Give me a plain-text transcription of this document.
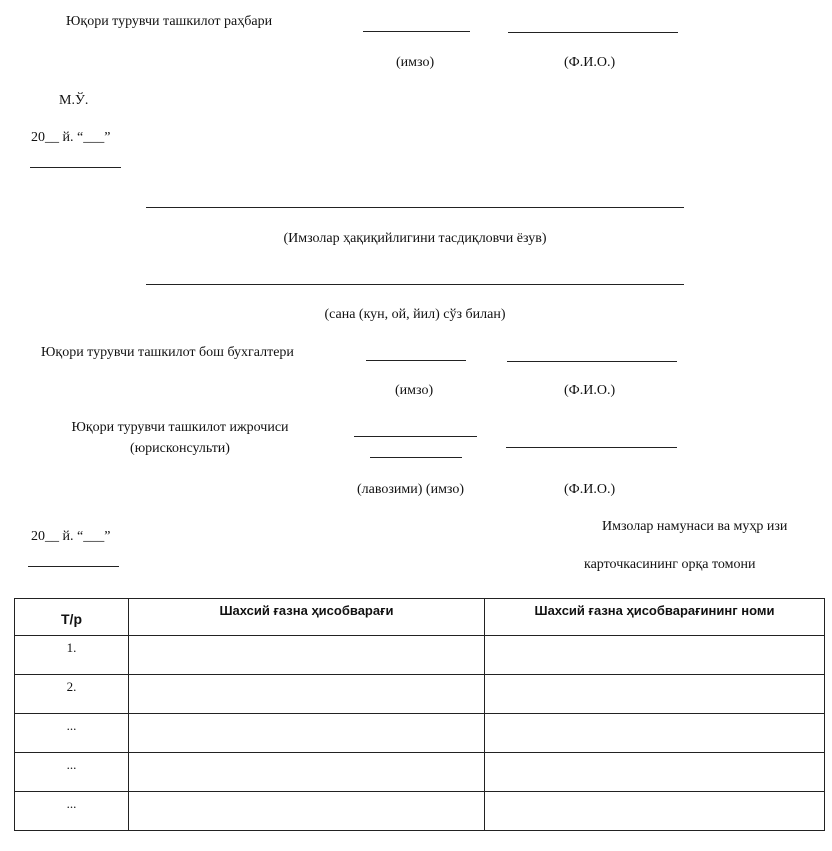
Юқори турувчи ташкилот раҳбари
(имзо)	(Ф.И.О.)
М.Ў.
20__ й. “___”
(Имзолар ҳақиқийлигини тасдиқловчи ёзув)
(сана (кун, ой, йил) сўз билан)
Юқори турувчи ташкилот бош бухгалтери
(имзо)	(Ф.И.О.)
Юқори турувчи ташкилот ижрочиси
(юрисконсульти)
(лавозими) (имзо)	(Ф.И.О.)
20__ й. “___”
Имзолар намунаси ва муҳр изи
карточкасининг орқа томони
Т/р	Шахсий ғазна ҳисобварағи	Шахсий ғазна ҳисобварағининг номи
1.		
2.		
...		
...		
...		
